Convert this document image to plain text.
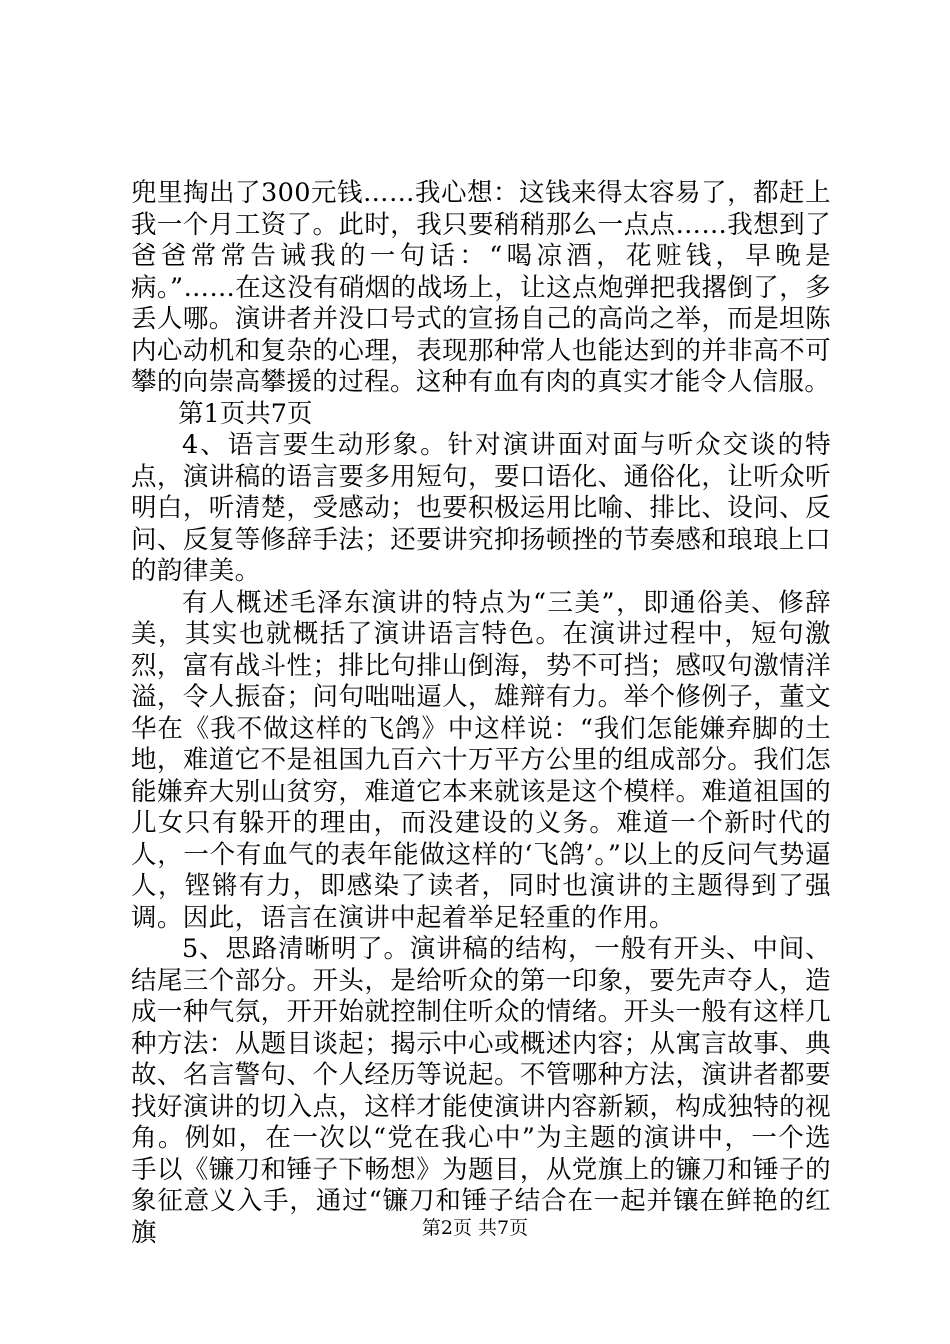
兜里掏出了300元钱……我心想：这钱来得太容易了，都赶上我一个月工资了。此时，我只要稍稍那么一点点……我想到了爸爸常常告诫我的一句话：“喝凉酒，花赃钱，早晚是病。”……在这没有硝烟的战场上，让这点炮弹把我撂倒了，多丢人哪。演讲者并没口号式的宣扬自己的高尚之举，而是坦陈内心动机和复杂的心理，表现那种常人也能达到的并非高不可攀的向崇高攀援的过程。这种有血有肉的真实才能令人信服。

第1页共7页

4、语言要生动形象。针对演讲面对面与听众交谈的特点，演讲稿的语言要多用短句，要口语化、通俗化，让听众听明白，听清楚，受感动；也要积极运用比喻、排比、设问、反问、反复等修辞手法；还要讲究抑扬顿挫的节奏感和琅琅上口的韵律美。

有人概述毛泽东演讲的特点为“三美”，即通俗美、修辞美，其实也就概括了演讲语言特色。在演讲过程中，短句激烈，富有战斗性；排比句排山倒海，势不可挡；感叹句激情洋溢，令人振奋；问句咄咄逼人，雄辩有力。举个修例子，董文华在《我不做这样的飞鸽》中这样说：“我们怎能嫌弃脚的土地，难道它不是祖国九百六十万平方公里的组成部分。我们怎能嫌弃大别山贫穷，难道它本来就该是这个模样。难道祖国的儿女只有躲开的理由，而没建设的义务。难道一个新时代的人，一个有血气的表年能做这样的‘飞鸽’。”以上的反问气势逼人，铿锵有力，即感染了读者，同时也演讲的主题得到了强调。因此，语言在演讲中起着举足轻重的作用。

5、思路清晰明了。演讲稿的结构，一般有开头、中间、结尾三个部分。开头，是给听众的第一印象，要先声夺人，造成一种气氛，开开始就控制住听众的情绪。开头一般有这样几种方法：从题目谈起；揭示中心或概述内容；从寓言故事、典故、名言警句、个人经历等说起。不管哪种方法，演讲者都要找好演讲的切入点，这样才能使演讲内容新颖，构成独特的视角。例如，在一次以“党在我心中”为主题的演讲中，一个选手以《镰刀和锤子下畅想》为题目，从党旗上的镰刀和锤子的象征意义入手，通过“镰刀和锤子结合在一起并镶在鲜艳的红旗	第2页 共7页
